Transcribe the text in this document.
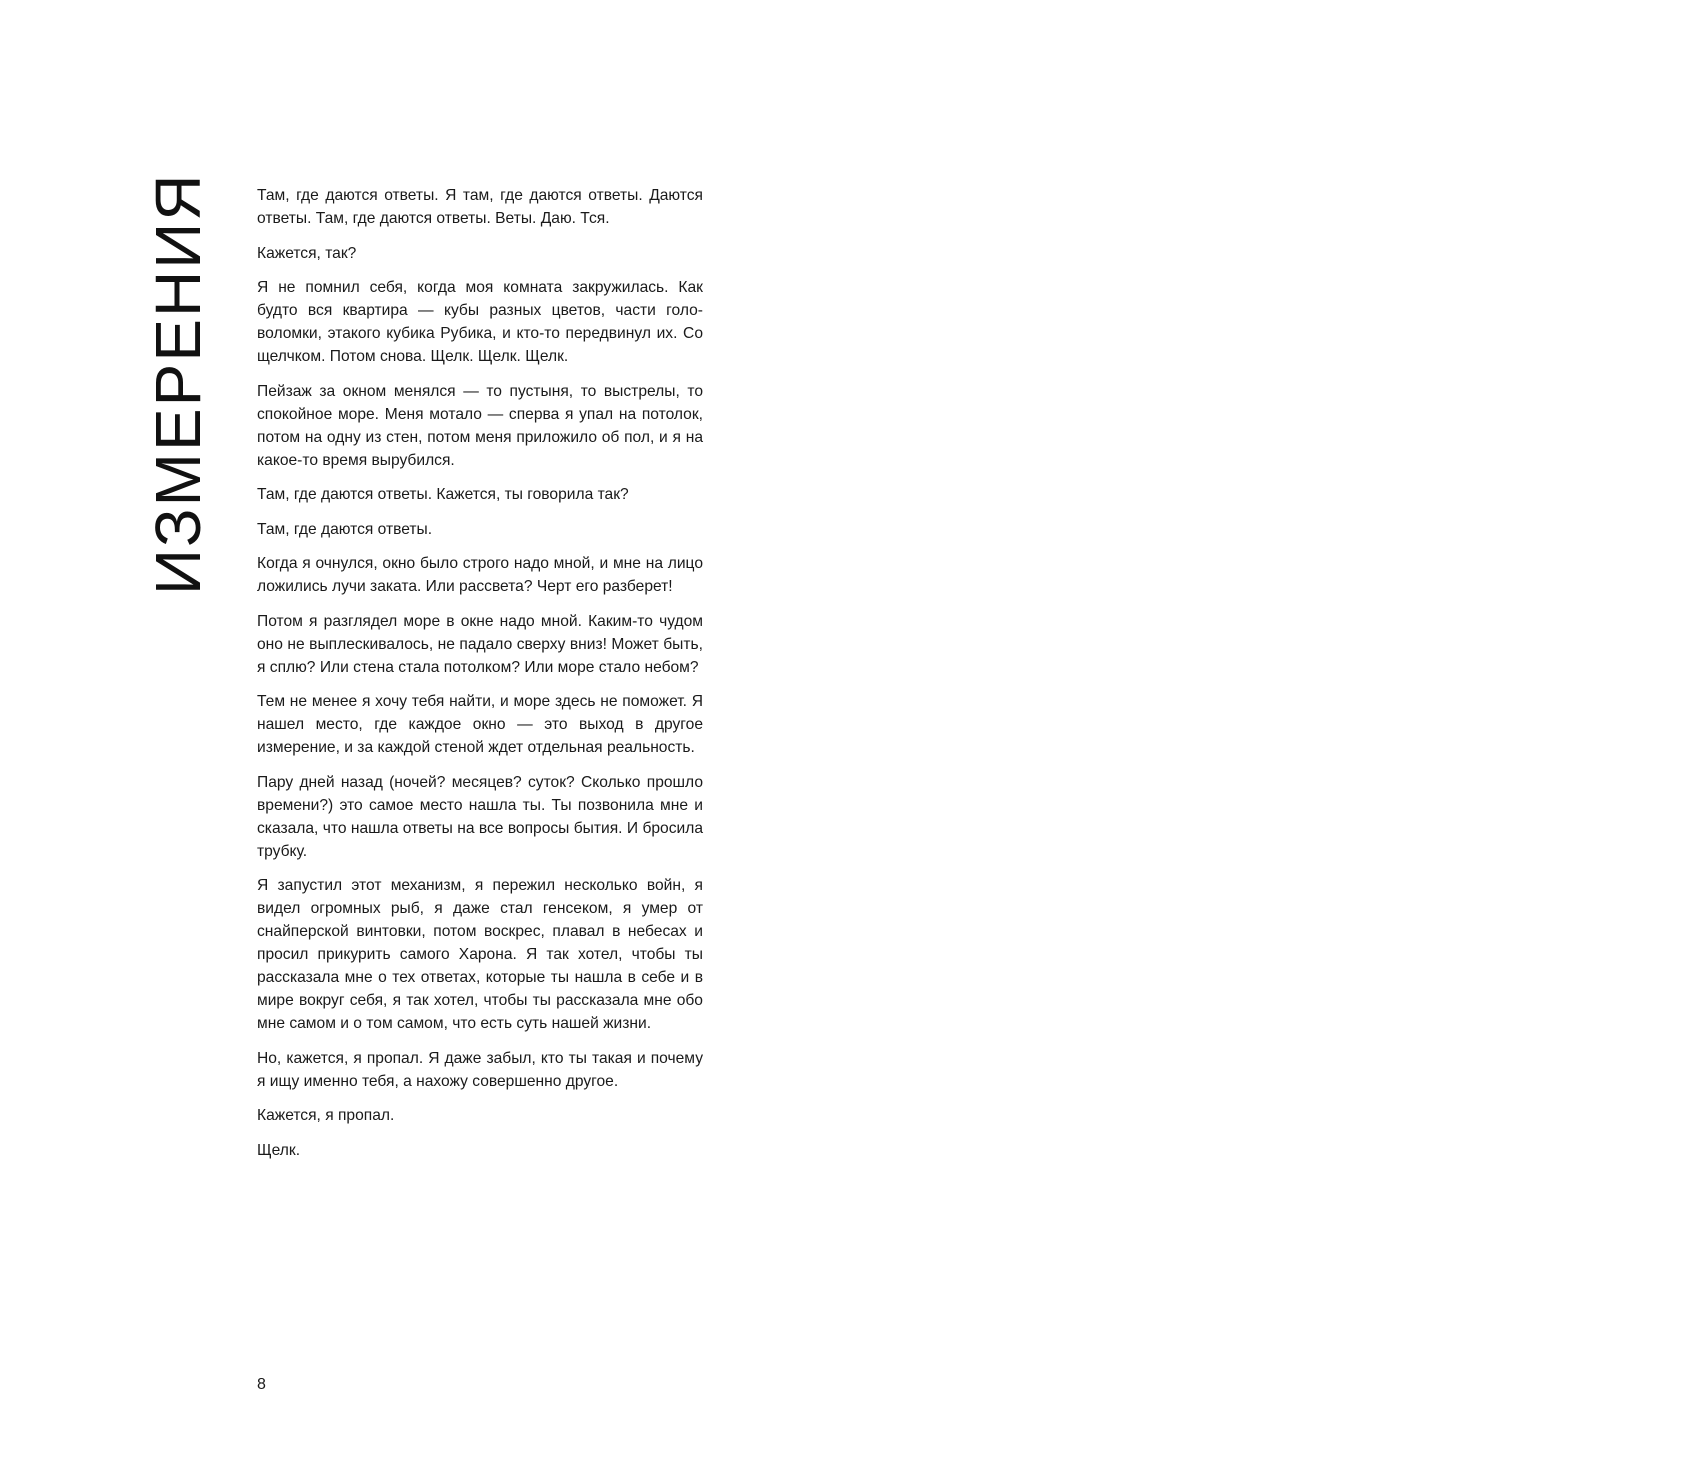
ИЗМЕРЕНИЯ	Там, где даются ответы. Я там, где даются ответы. Даются ответы. Там, где даются ответы. Веты. Даю. Тся.

Кажется, так?

Я не помнил себя, когда моя комната закружилась. Как будто вся квартира — кубы разных цветов, части головоломки, этакого кубика Рубика, и кто-то передвинул их. Со щелчком. Потом снова. Щелк. Щелк. Щелк.

Пейзаж за окном менялся — то пустыня, то выстрелы, то спокойное море. Меня мотало — сперва я упал на потолок, потом на одну из стен, потом меня приложило об пол, и я на какое-то время вырубился.

Там, где даются ответы. Кажется, ты говорила так?

Там, где даются ответы.

Когда я очнулся, окно было строго надо мной, и мне на лицо ложились лучи заката. Или рассвета? Черт его разберет!

Потом я разглядел море в окне надо мной. Каким-то чудом оно не выплескивалось, не падало сверху вниз! Может быть, я сплю? Или стена стала потолком? Или море стало небом?

Тем не менее я хочу тебя найти, и море здесь не поможет. Я нашел место, где каждое окно — это выход в другое измерение, и за каждой стеной ждет отдельная реальность.

Пару дней назад (ночей? месяцев? суток? Сколько прошло времени?) это самое место нашла ты. Ты позвонила мне и сказала, что нашла ответы на все вопросы бытия. И бросила трубку.

Я запустил этот механизм, я пережил несколько войн, я видел огромных рыб, я даже стал генсеком, я умер от снайперской винтовки, потом воскрес, плавал в небесах и просил прикурить самого Харона. Я так хотел, чтобы ты рассказала мне о тех ответах, которые ты нашла в себе и в мире вокруг себя, я так хотел, чтобы ты рассказала мне обо мне самом и о том самом, что есть суть нашей жизни.

Но, кажется, я пропал. Я даже забыл, кто ты такая и почему я ищу именно тебя, а нахожу совершенно другое.

Кажется, я пропал.

Щелк.

8
